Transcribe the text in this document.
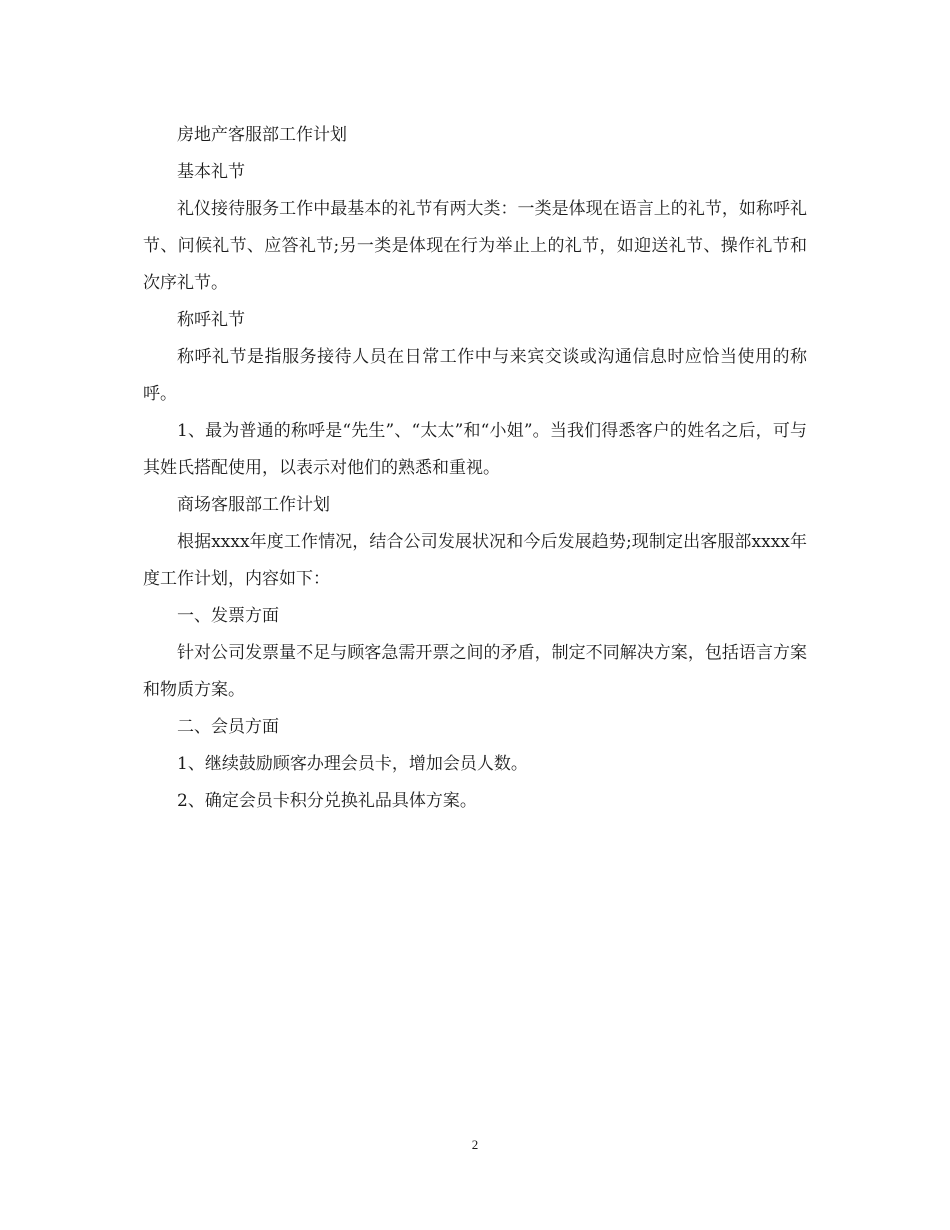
房地产客服部工作计划

基本礼节

礼仪接待服务工作中最基本的礼节有两大类：一类是体现在语言上的礼节，如称呼礼节、问候礼节、应答礼节;另一类是体现在行为举止上的礼节，如迎送礼节、操作礼节和次序礼节。

称呼礼节

称呼礼节是指服务接待人员在日常工作中与来宾交谈或沟通信息时应恰当使用的称呼。

1、最为普通的称呼是“先生”、“太太”和“小姐”。当我们得悉客户的姓名之后，可与其姓氏搭配使用，以表示对他们的熟悉和重视。

商场客服部工作计划

根据xxxx年度工作情况，结合公司发展状况和今后发展趋势;现制定出客服部xxxx年度工作计划，内容如下：

一、发票方面

针对公司发票量不足与顾客急需开票之间的矛盾，制定不同解决方案，包括语言方案和物质方案。

二、会员方面

1、继续鼓励顾客办理会员卡，增加会员人数。

2、确定会员卡积分兑换礼品具体方案。

2
